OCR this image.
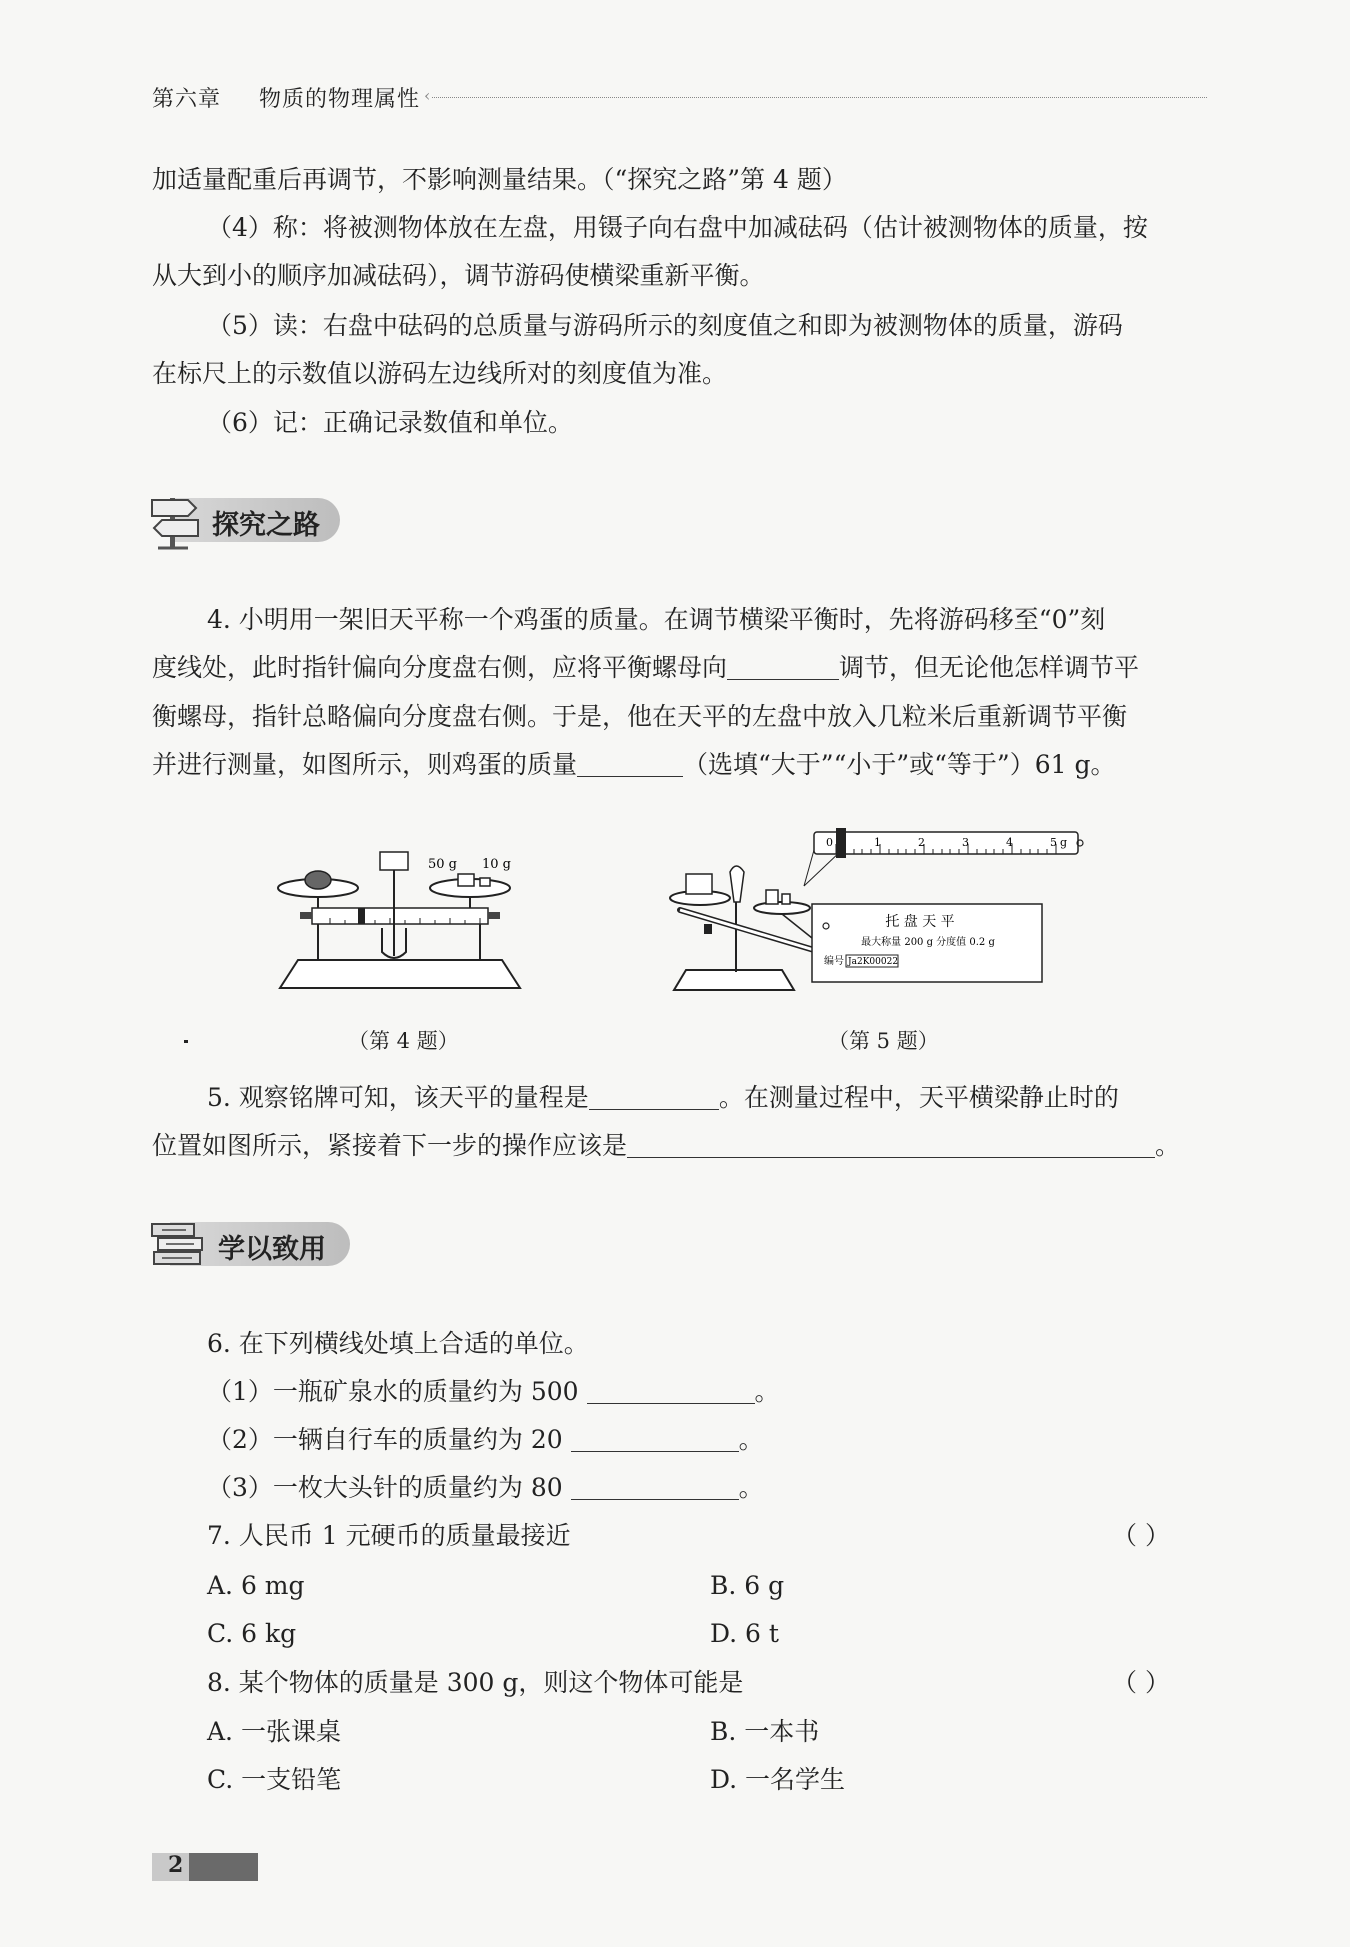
第六章 物质的物理属性 ‹
加适量配重后再调节，不影响测量结果。（“探究之路”第 4 题）
（4）称：将被测物体放在左盘，用镊子向右盘中加减砝码（估计被测物体的质量，按
从大到小的顺序加减砝码），调节游码使横梁重新平衡。
（5）读：右盘中砝码的总质量与游码所示的刻度值之和即为被测物体的质量，游码
在标尺上的示数值以游码左边线所对的刻度值为准。
（6）记：正确记录数值和单位。
探究之路
4. 小明用一架旧天平称一个鸡蛋的质量。在调节横梁平衡时，先将游码移至“0”刻
度线处，此时指针偏向分度盘右侧，应将平衡螺母向	调节，但无论他怎样调节平
衡螺母，指针总略偏向分度盘右侧。于是，他在天平的左盘中放入几粒米后重新调节平衡
并进行测量，如图所示，则鸡蛋的质量	（选填“大于”“小于”或“等于”）61 g。
50 g 10 g
（第 4 题）
0	1	2	3	4	5 g
托 盘 天 平
最大称量 200 g 分度值 0.2 g
编号 Ja2K00022
（第 5 题）
5. 观察铭牌可知，该天平的量程是	。在测量过程中，天平横梁静止时的
位置如图所示，紧接着下一步的操作应该是	。
学以致用
6. 在下列横线处填上合适的单位。
（1）一瓶矿泉水的质量约为 500	。
（2）一辆自行车的质量约为 20	。
（3）一枚大头针的质量约为 80	。
7. 人民币 1 元硬币的质量最接近	（ ）
A. 6 mg	B. 6 g
C. 6 kg	D. 6 t
8. 某个物体的质量是 300 g，则这个物体可能是	（ ）
A. 一张课桌	B. 一本书
C. 一支铅笔	D. 一名学生
2
